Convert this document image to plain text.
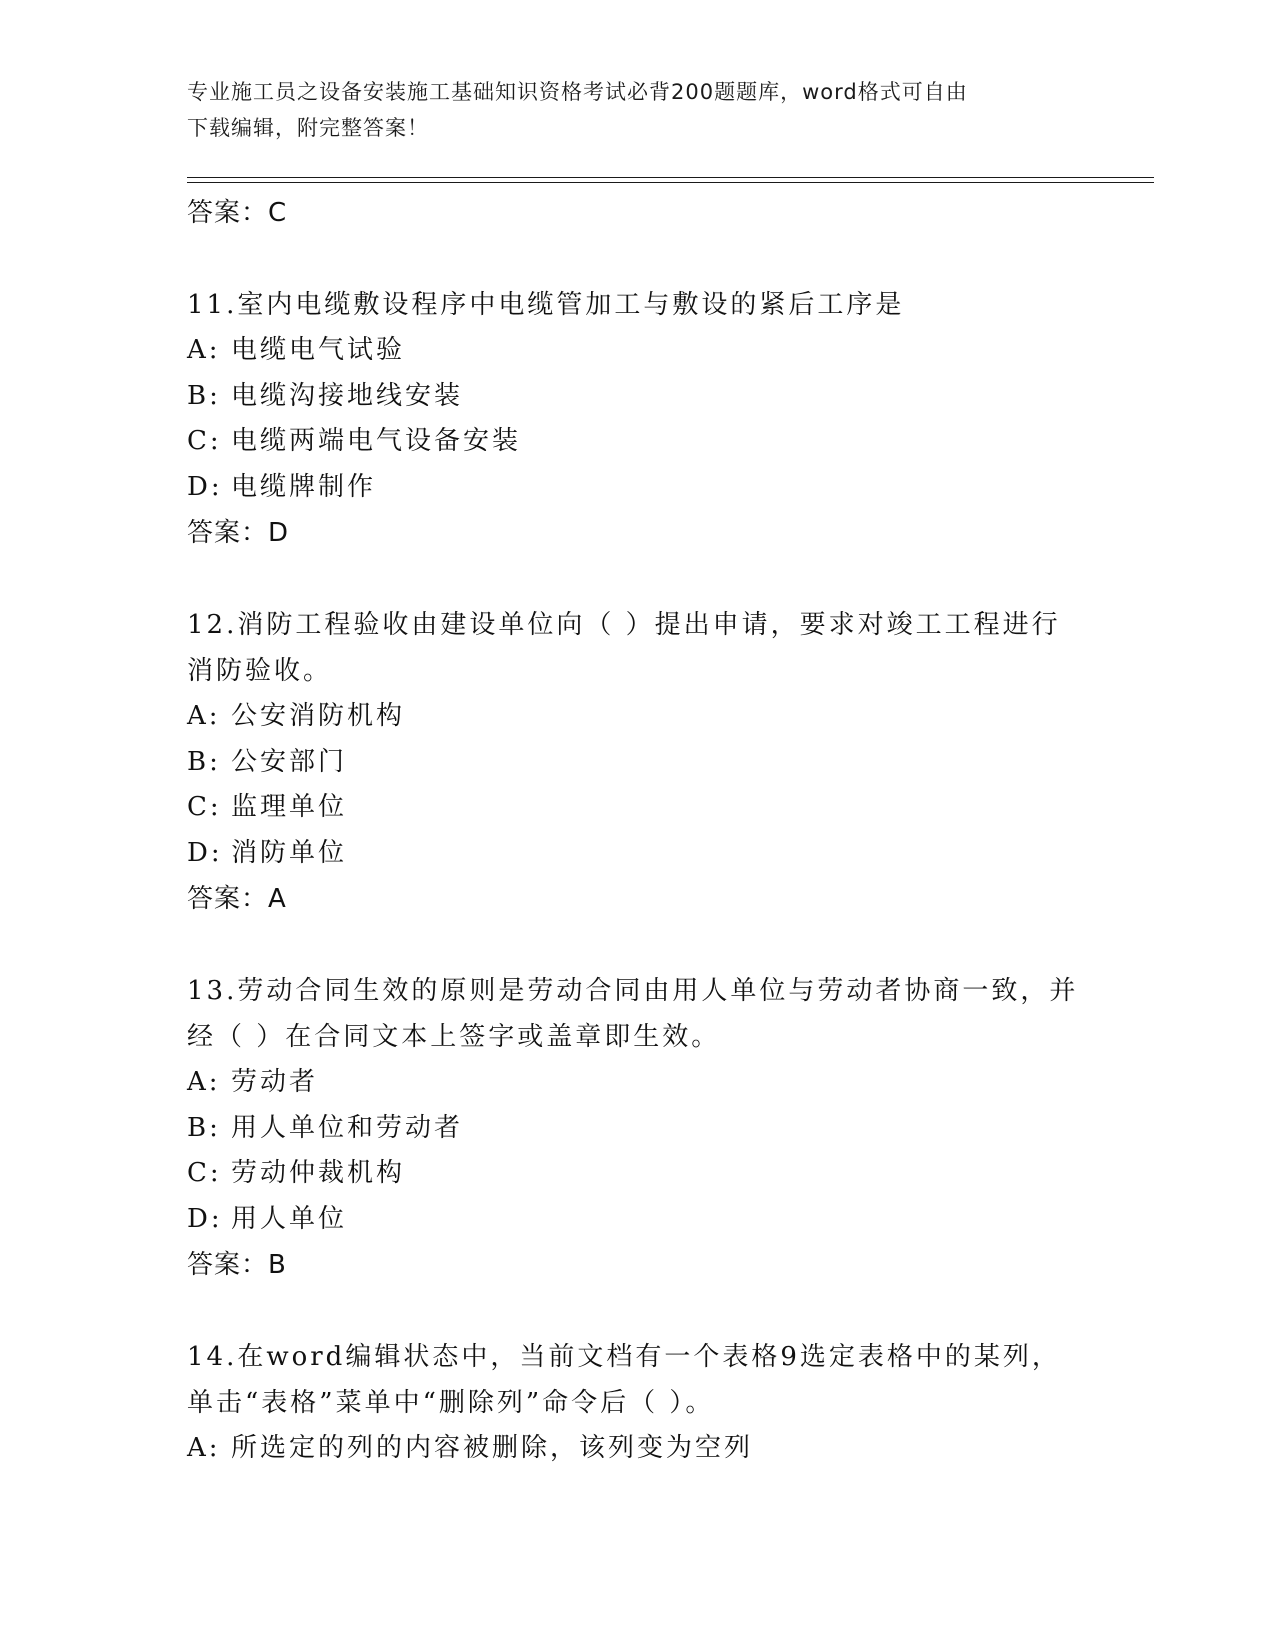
专业施工员之设备安装施工基础知识资格考试必背200题题库，word格式可自由
下载编辑，附完整答案！
答案：C
11.室内电缆敷设程序中电缆管加工与敷设的紧后工序是
A: 电缆电气试验
B: 电缆沟接地线安装
C: 电缆两端电气设备安装
D: 电缆牌制作
答案：D
12.消防工程验收由建设单位向（ ）提出申请，要求对竣工工程进行
消防验收。
A: 公安消防机构
B: 公安部门
C: 监理单位
D: 消防单位
答案：A
13.劳动合同生效的原则是劳动合同由用人单位与劳动者协商一致，并
经（ ）在合同文本上签字或盖章即生效。
A: 劳动者
B: 用人单位和劳动者
C: 劳动仲裁机构
D: 用人单位
答案：B
14.在word编辑状态中，当前文档有一个表格9选定表格中的某列，
单击“表格”菜单中“删除列”命令后（ ）。
A: 所选定的列的内容被删除，该列变为空列
